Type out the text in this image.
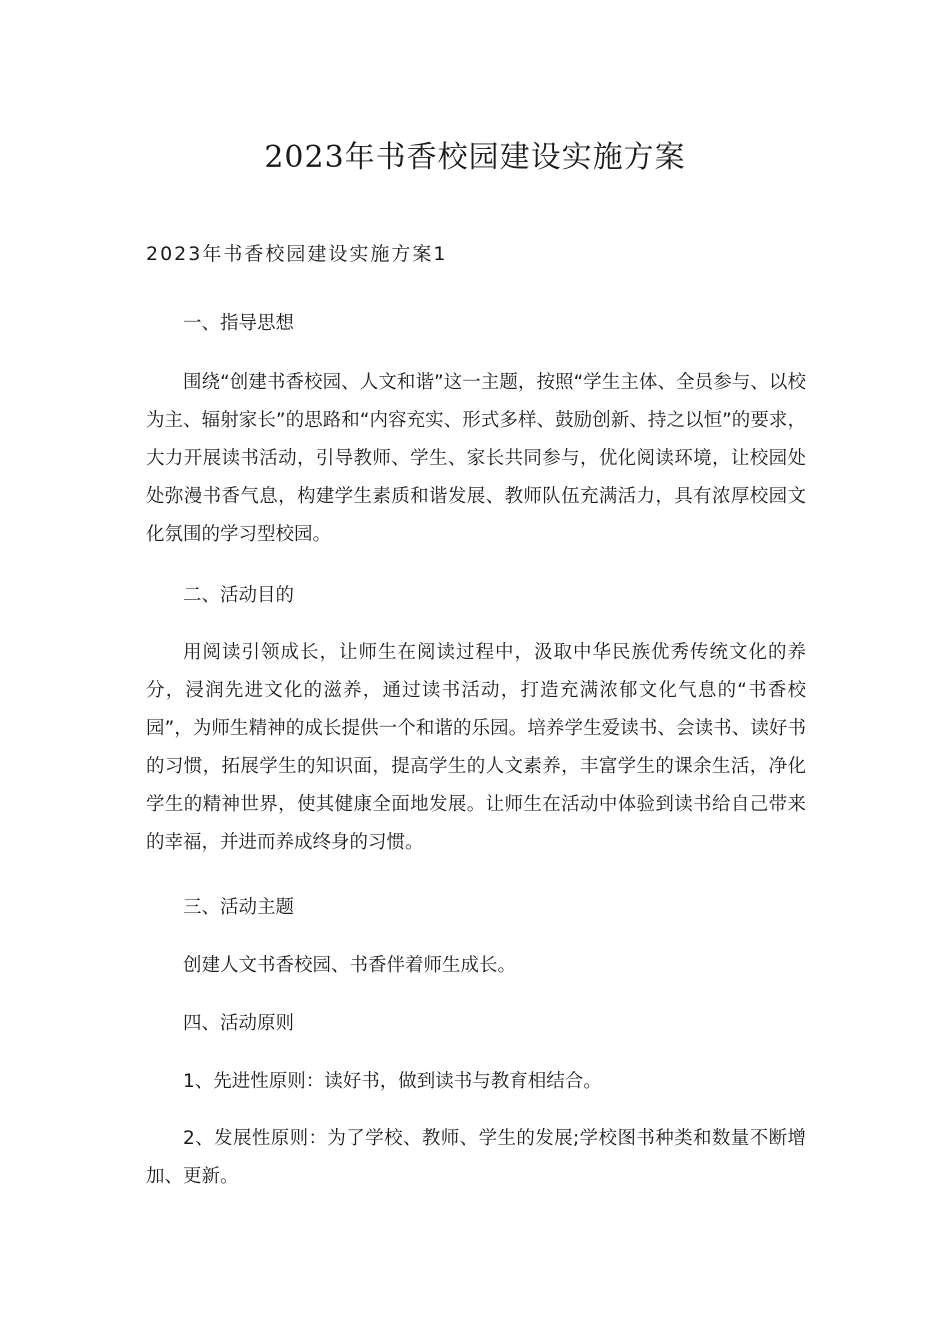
2023年书香校园建设实施方案
2023年书香校园建设实施方案1
一、指导思想
围绕“创建书香校园、人文和谐”这一主题，按照“学生主体、全员参与、以校为主、辐射家长”的思路和“内容充实、形式多样、鼓励创新、持之以恒”的要求，大力开展读书活动，引导教师、学生、家长共同参与，优化阅读环境，让校园处处弥漫书香气息，构建学生素质和谐发展、教师队伍充满活力，具有浓厚校园文化氛围的学习型校园。
二、活动目的
用阅读引领成长，让师生在阅读过程中，汲取中华民族优秀传统文化的养分，浸润先进文化的滋养，通过读书活动，打造充满浓郁文化气息的“书香校园”，为师生精神的成长提供一个和谐的乐园。培养学生爱读书、会读书、读好书的习惯，拓展学生的知识面，提高学生的人文素养，丰富学生的课余生活，净化学生的精神世界，使其健康全面地发展。让师生在活动中体验到读书给自己带来的幸福，并进而养成终身的习惯。
三、活动主题
创建人文书香校园、书香伴着师生成长。
四、活动原则
1、先进性原则：读好书，做到读书与教育相结合。
2、发展性原则：为了学校、教师、学生的发展;学校图书种类和数量不断增加、更新。
